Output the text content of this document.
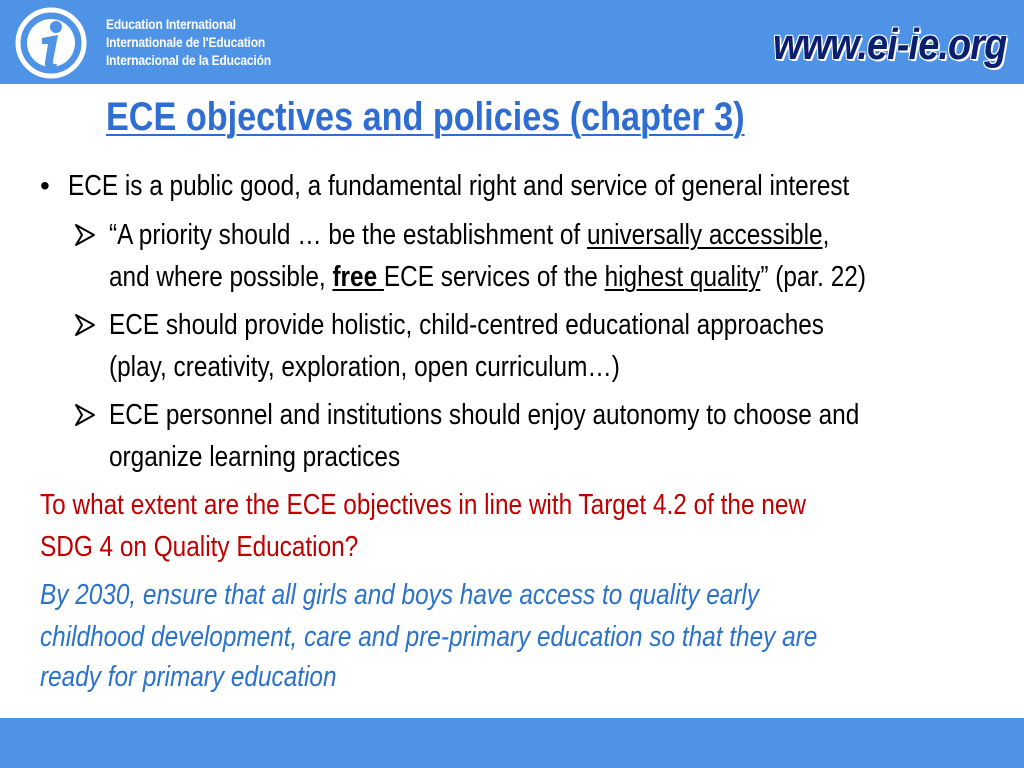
Education International
Internationale de l'Education
Internacional de la Educación	www.ei-ie.org
ECE objectives and policies (chapter 3)
• ECE is a public good, a fundamental right and service of general interest
“A priority should … be the establishment of universally accessible,
and where possible, free ECE services of the highest quality” (par. 22)
ECE should provide holistic, child-centred educational approaches
(play, creativity, exploration, open curriculum…)
ECE personnel and institutions should enjoy autonomy to choose and
organize learning practices
To what extent are the ECE objectives in line with Target 4.2 of the new
SDG 4 on Quality Education?
By 2030, ensure that all girls and boys have access to quality early
childhood development, care and pre-primary education so that they are
ready for primary education
